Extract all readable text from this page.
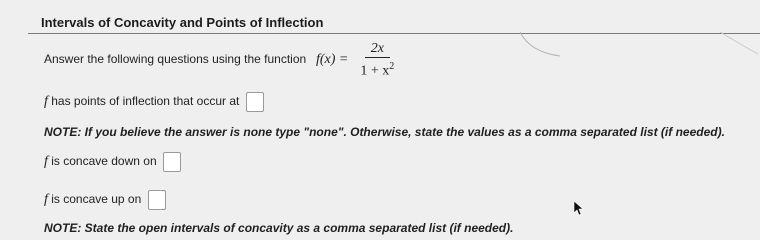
Intervals of Concavity and Points of Inflection
Answer the following questions using the function $f(x) = \frac{2x}{1 + x^2}$
f has points of inflection that occur at
NOTE: If you believe the answer is none type "none". Otherwise, state the values as a comma separated list (if needed).
f is concave down on
f is concave up on
NOTE: State the open intervals of concavity as a comma separated list (if needed).
